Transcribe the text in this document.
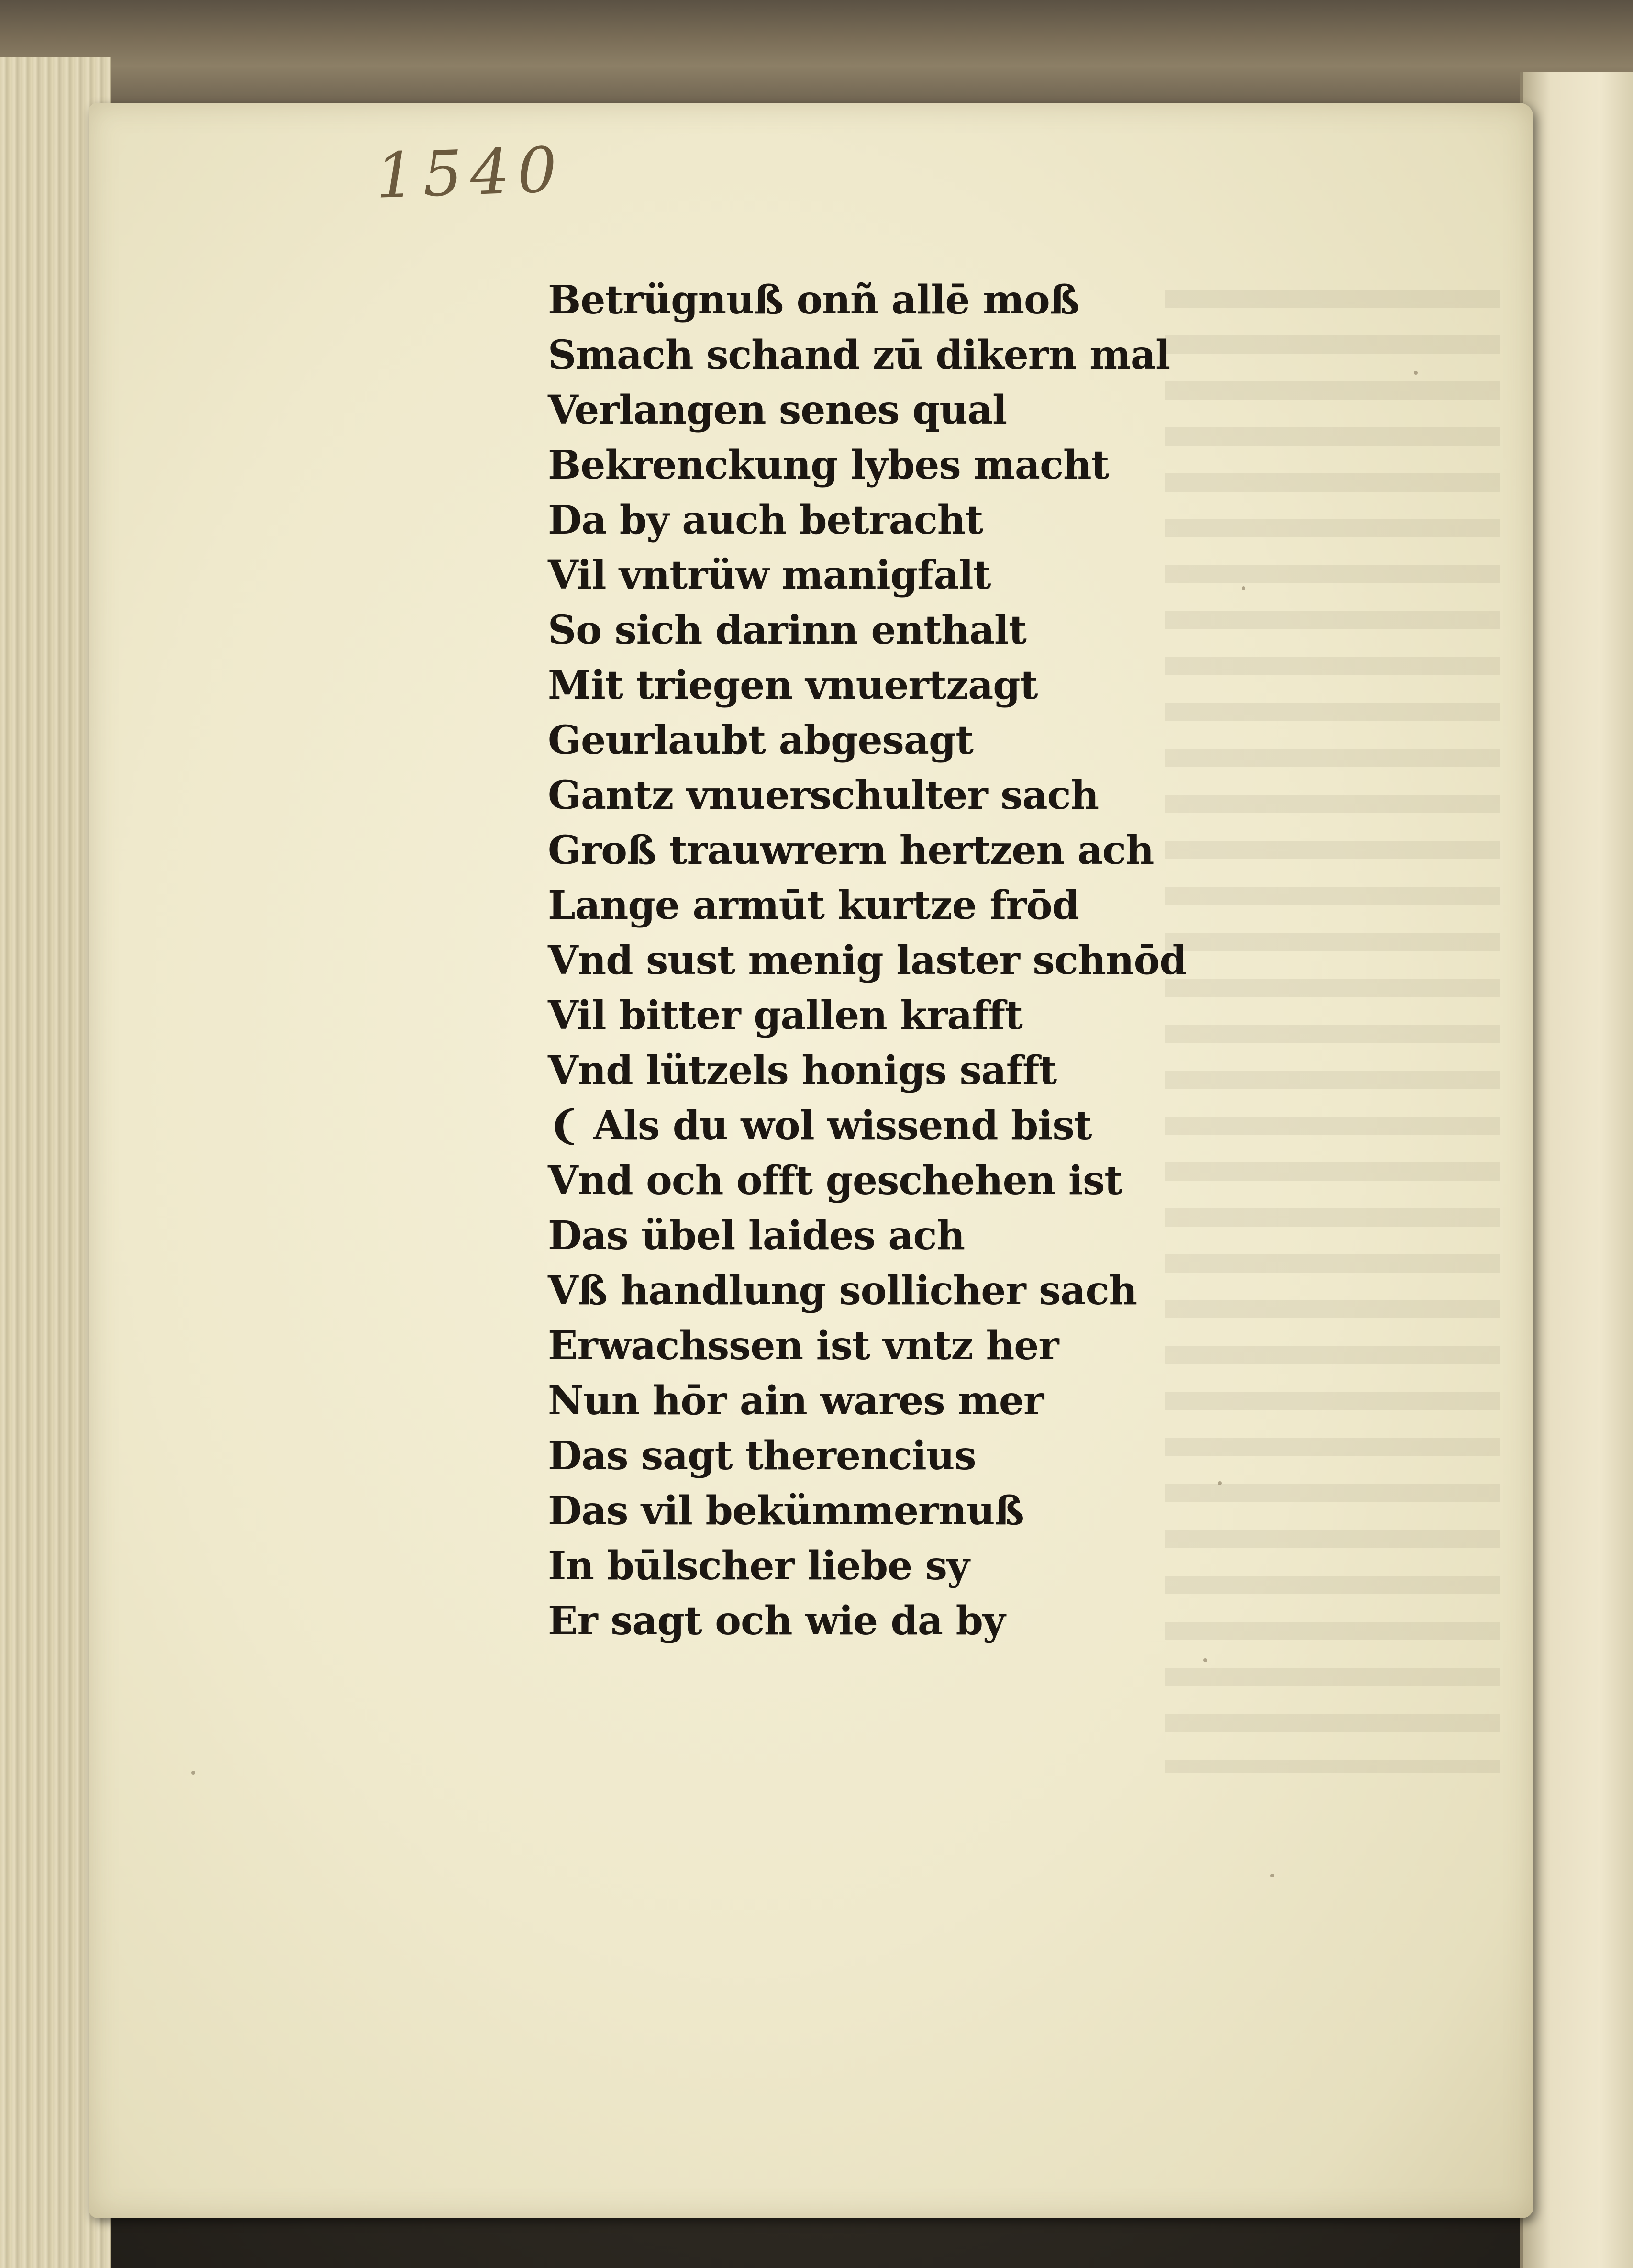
1540
Betrügnuß onñ allē moß
Smach schand zū dikern mal
Verlangen senes qual
Bekrenckung lybes macht
Da by auch betracht
Vil vntrüw manigfalt
So sich darinn enthalt
Mit triegen vnuertzagt
Geurlaubt abgesagt
Gantz vnuerschulter sach
Groß trauwrern hertzen ach
Lange armūt kurtze frōd
Vnd sust menig laster schnōd
Vil bitter gallen krafft
Vnd lützels honigs safft
❨ Als du wol wissend bist
Vnd och offt geschehen ist
Das übel laides ach
Vß handlung sollicher sach
Erwachssen ist vntz her
Nun hōr ain wares mer
Das sagt therencius
Das vil bekümmernuß
In būlscher liebe sy
Er sagt och wie da by
